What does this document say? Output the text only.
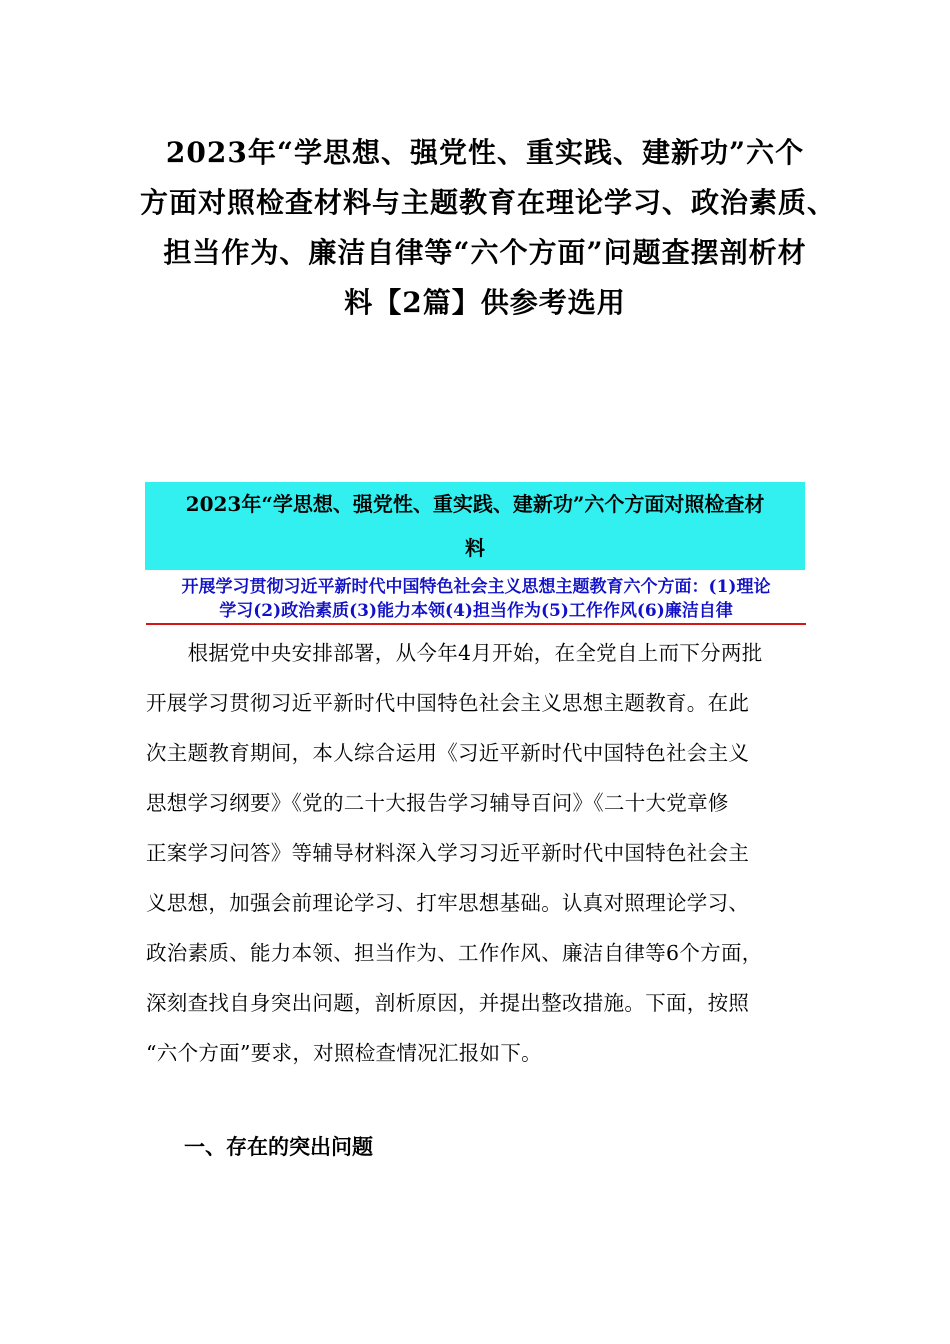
2023年“学思想、强党性、重实践、建新功”六个
方面对照检查材料与主题教育在理论学习、政治素质、
担当作为、廉洁自律等“六个方面”问题查摆剖析材
料【2篇】供参考选用
2023年“学思想、强党性、重实践、建新功”六个方面对照检查材
料
开展学习贯彻习近平新时代中国特色社会主义思想主题教育六个方面：(1)理论
学习(2)政治素质(3)能力本领(4)担当作为(5)工作作风(6)廉洁自律
　　根据党中央安排部署，从今年4月开始，在全党自上而下分两批
开展学习贯彻习近平新时代中国特色社会主义思想主题教育。在此
次主题教育期间，本人综合运用《习近平新时代中国特色社会主义
思想学习纲要》《党的二十大报告学习辅导百问》《二十大党章修
正案学习问答》等辅导材料深入学习习近平新时代中国特色社会主
义思想，加强会前理论学习、打牢思想基础。认真对照理论学习、
政治素质、能力本领、担当作为、工作作风、廉洁自律等6个方面，
深刻查找自身突出问题，剖析原因，并提出整改措施。下面，按照
“六个方面”要求，对照检查情况汇报如下。
一、存在的突出问题
